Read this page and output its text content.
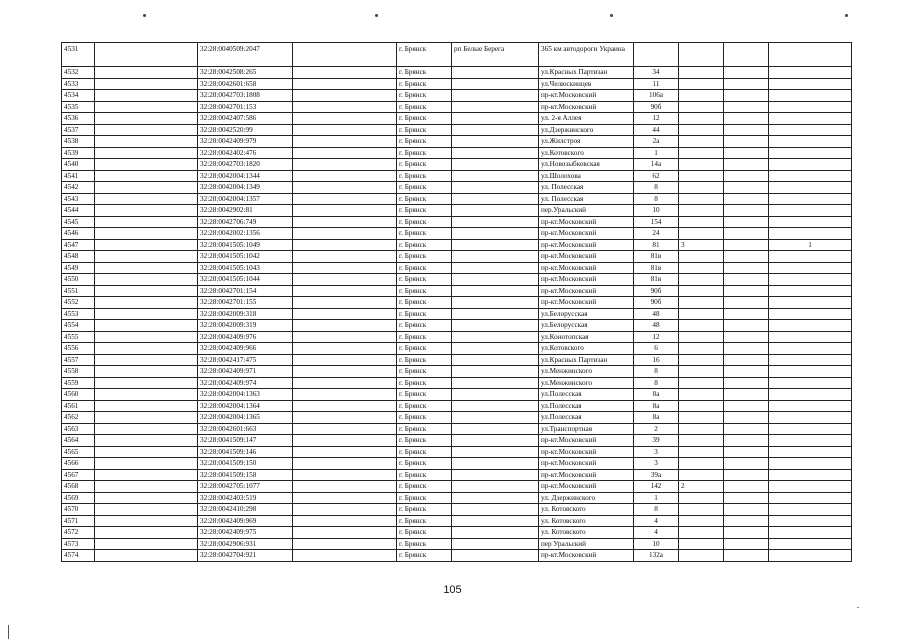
4531		32:28:0040509:2047		г. Брянск	рп Белые Берега	365 км автодороги Украина				
4532		32:28:0042508:265		г. Брянск		ул.Красных Партизан	34			
4533		32:28:0042601:658		г. Брянск		ул.Челюскинцев	11			
4534		32:28:0042703:1808		г. Брянск		пр-кт.Московский	106а			
4535		32:28:0042701:153		г. Брянск		пр-кт.Московский	90б			
4536		32:28:0042407:586		г. Брянск		ул. 2-я Аллея	12			
4537		32:28:0042520:99		г. Брянск		ул.Дзержинского	44			
4538		32:28:0042409:979		г. Брянск		ул.Жилстроя	2а			
4539		32:28:0042402:476		г. Брянск		ул.Котовского	1			
4540		32:28:0042703:1820		г. Брянск		ул.Новозыбковская	14а			
4541		32:28:0042004:1344		г. Брянск		ул.Шолохова	62			
4542		32:28:0042004:1349		г. Брянск		ул. Полесская	8			
4543		32:28:0042004:1357		г. Брянск		ул. Полесская	8			
4544		32:28:0042902:81		г. Брянск		пер.Уральский	10			
4545		32:28:0042706:749		г. Брянск		пр-кт.Московский	154			
4546		32:28:0042002:1356		г. Брянск		пр-кт.Московский	24			
4547		32:28:0041505:1049		г. Брянск		пр-кт.Московский	81	3		1
4548		32:28:0041505:1042		г. Брянск		пр-кт.Московский	81в			
4549		32:28:0041505:1043		г. Брянск		пр-кт.Московский	81в			
4550		32:28:0041505:1044		г. Брянск		пр-кт.Московский	81в			
4551		32:28:0042701:154		г. Брянск		пр-кт.Московский	90б			
4552		32:28:0042701:155		г. Брянск		пр-кт.Московский	90б			
4553		32:28:0042009:318		г. Брянск		ул.Белорусская	48			
4554		32:28:0042009:319		г. Брянск		ул.Белорусская	48			
4555		32:28:0042409:976		г. Брянск		ул.Конотопская	12			
4556		32:28:0042409:966		г. Брянск		ул.Котовского	6			
4557		32:28:0042417:475		г. Брянск		ул.Красных Партизан	16			
4558		32:28:0042409:971		г. Брянск		ул.Менжинского	8			
4559		32:28:0042409:974		г. Брянск		ул.Менжинского	8			
4560		32:28:0042004:1363		г. Брянск		ул.Полесская	8а			
4561		32:28:0042004:1364		г. Брянск		ул.Полесская	8а			
4562		32:28:0042004:1365		г. Брянск		ул.Полесская	8а			
4563		32:28:0042601:663		г. Брянск		ул.Транспортная	2			
4564		32:28:0041509:147		г. Брянск		пр-кт.Московский	39			
4565		32:28:0041509:146		г. Брянск		пр-кт.Московский	3			
4566		32:28:0041509:150		г. Брянск		пр-кт.Московский	3			
4567		32:28:0041509:158		г. Брянск		пр-кт.Московский	39а			
4568		32:28:0042705:1077		г. Брянск		пр-кт.Московский	142	2		
4569		32:28:0042403:519		г. Брянск		ул. Дзержинского	1			
4570		32:28:0042410:298		г. Брянск		ул. Котовского	8			
4571		32:28:0042409:969		г. Брянск		ул. Котовского	4			
4572		32:28:0042409:975		г. Брянск		ул. Котовского	4			
4573		32:28:0042906:931		г. Брянск		пер Уральский	10			
4574		32:28:0042704:921		г. Брянск		пр-кт.Московский	132а			
105
